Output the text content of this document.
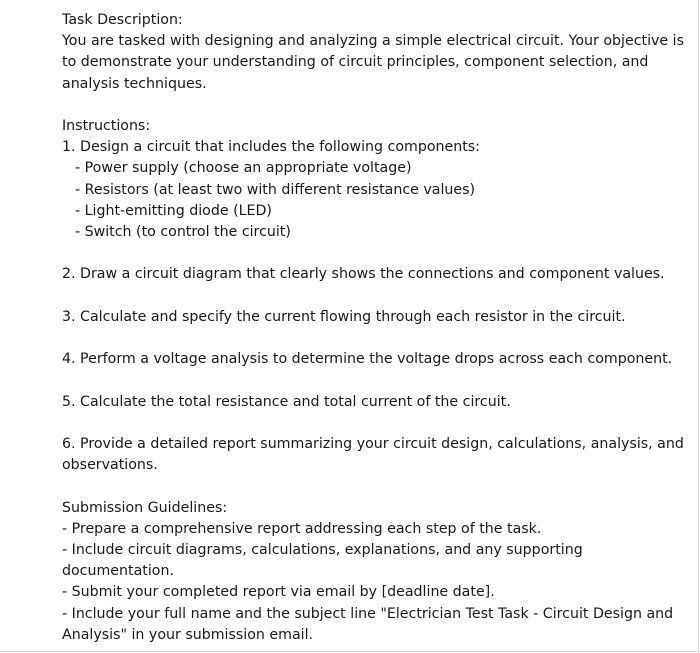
Task Description:
You are tasked with designing and analyzing a simple electrical circuit. Your objective is
to demonstrate your understanding of circuit principles, component selection, and
analysis techniques.
Instructions:
1. Design a circuit that includes the following components:
- Power supply (choose an appropriate voltage)
- Resistors (at least two with different resistance values)
- Light-emitting diode (LED)
- Switch (to control the circuit)
2. Draw a circuit diagram that clearly shows the connections and component values.
3. Calculate and specify the current flowing through each resistor in the circuit.
4. Perform a voltage analysis to determine the voltage drops across each component.
5. Calculate the total resistance and total current of the circuit.
6. Provide a detailed report summarizing your circuit design, calculations, analysis, and
observations.
Submission Guidelines:
- Prepare a comprehensive report addressing each step of the task.
- Include circuit diagrams, calculations, explanations, and any supporting
documentation.
- Submit your completed report via email by [deadline date].
- Include your full name and the subject line "Electrician Test Task - Circuit Design and
Analysis" in your submission email.
